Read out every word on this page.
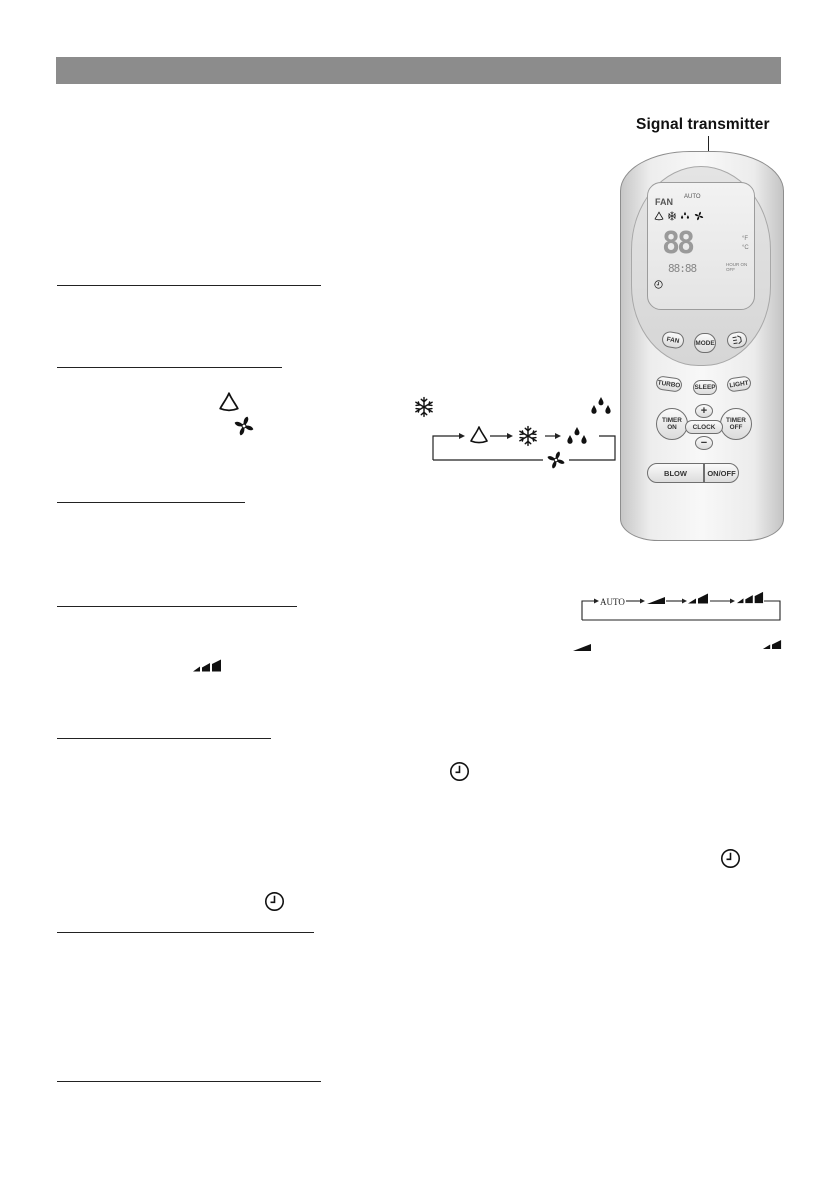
AUTO
Signal transmitter
FAN AUTO
88	°F °C
88:88	HOUR ON OFF
FAN	MODE
TURBO	SLEEP	LIGHT
TIMER ON
TIMER OFF
+
CLOCK
−
BLOW	ON/OFF
